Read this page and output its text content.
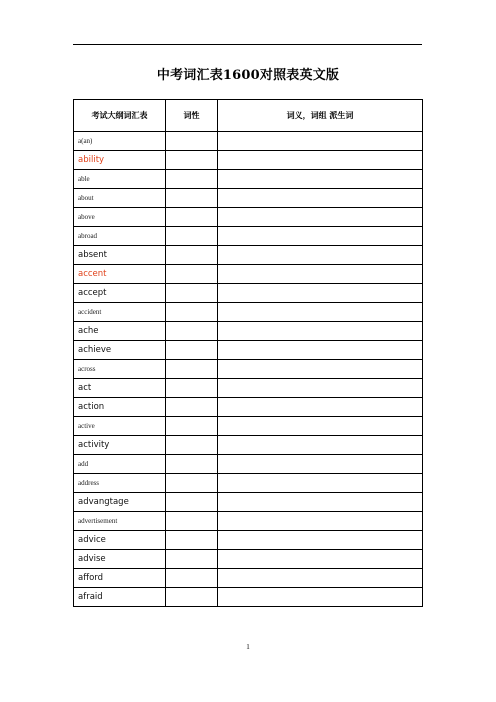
中考词汇表1600对照表英文版
考试大纲词汇表	词性	词义，词组 派生词
a(an)		
ability		
able		
about		
above		
abroad		
absent		
accent		
accept		
accident		
ache		
achieve		
across		
act		
action		
active		
activity		
add		
address		
advangtage		
advertisement		
advice		
advise		
afford		
afraid		
1
